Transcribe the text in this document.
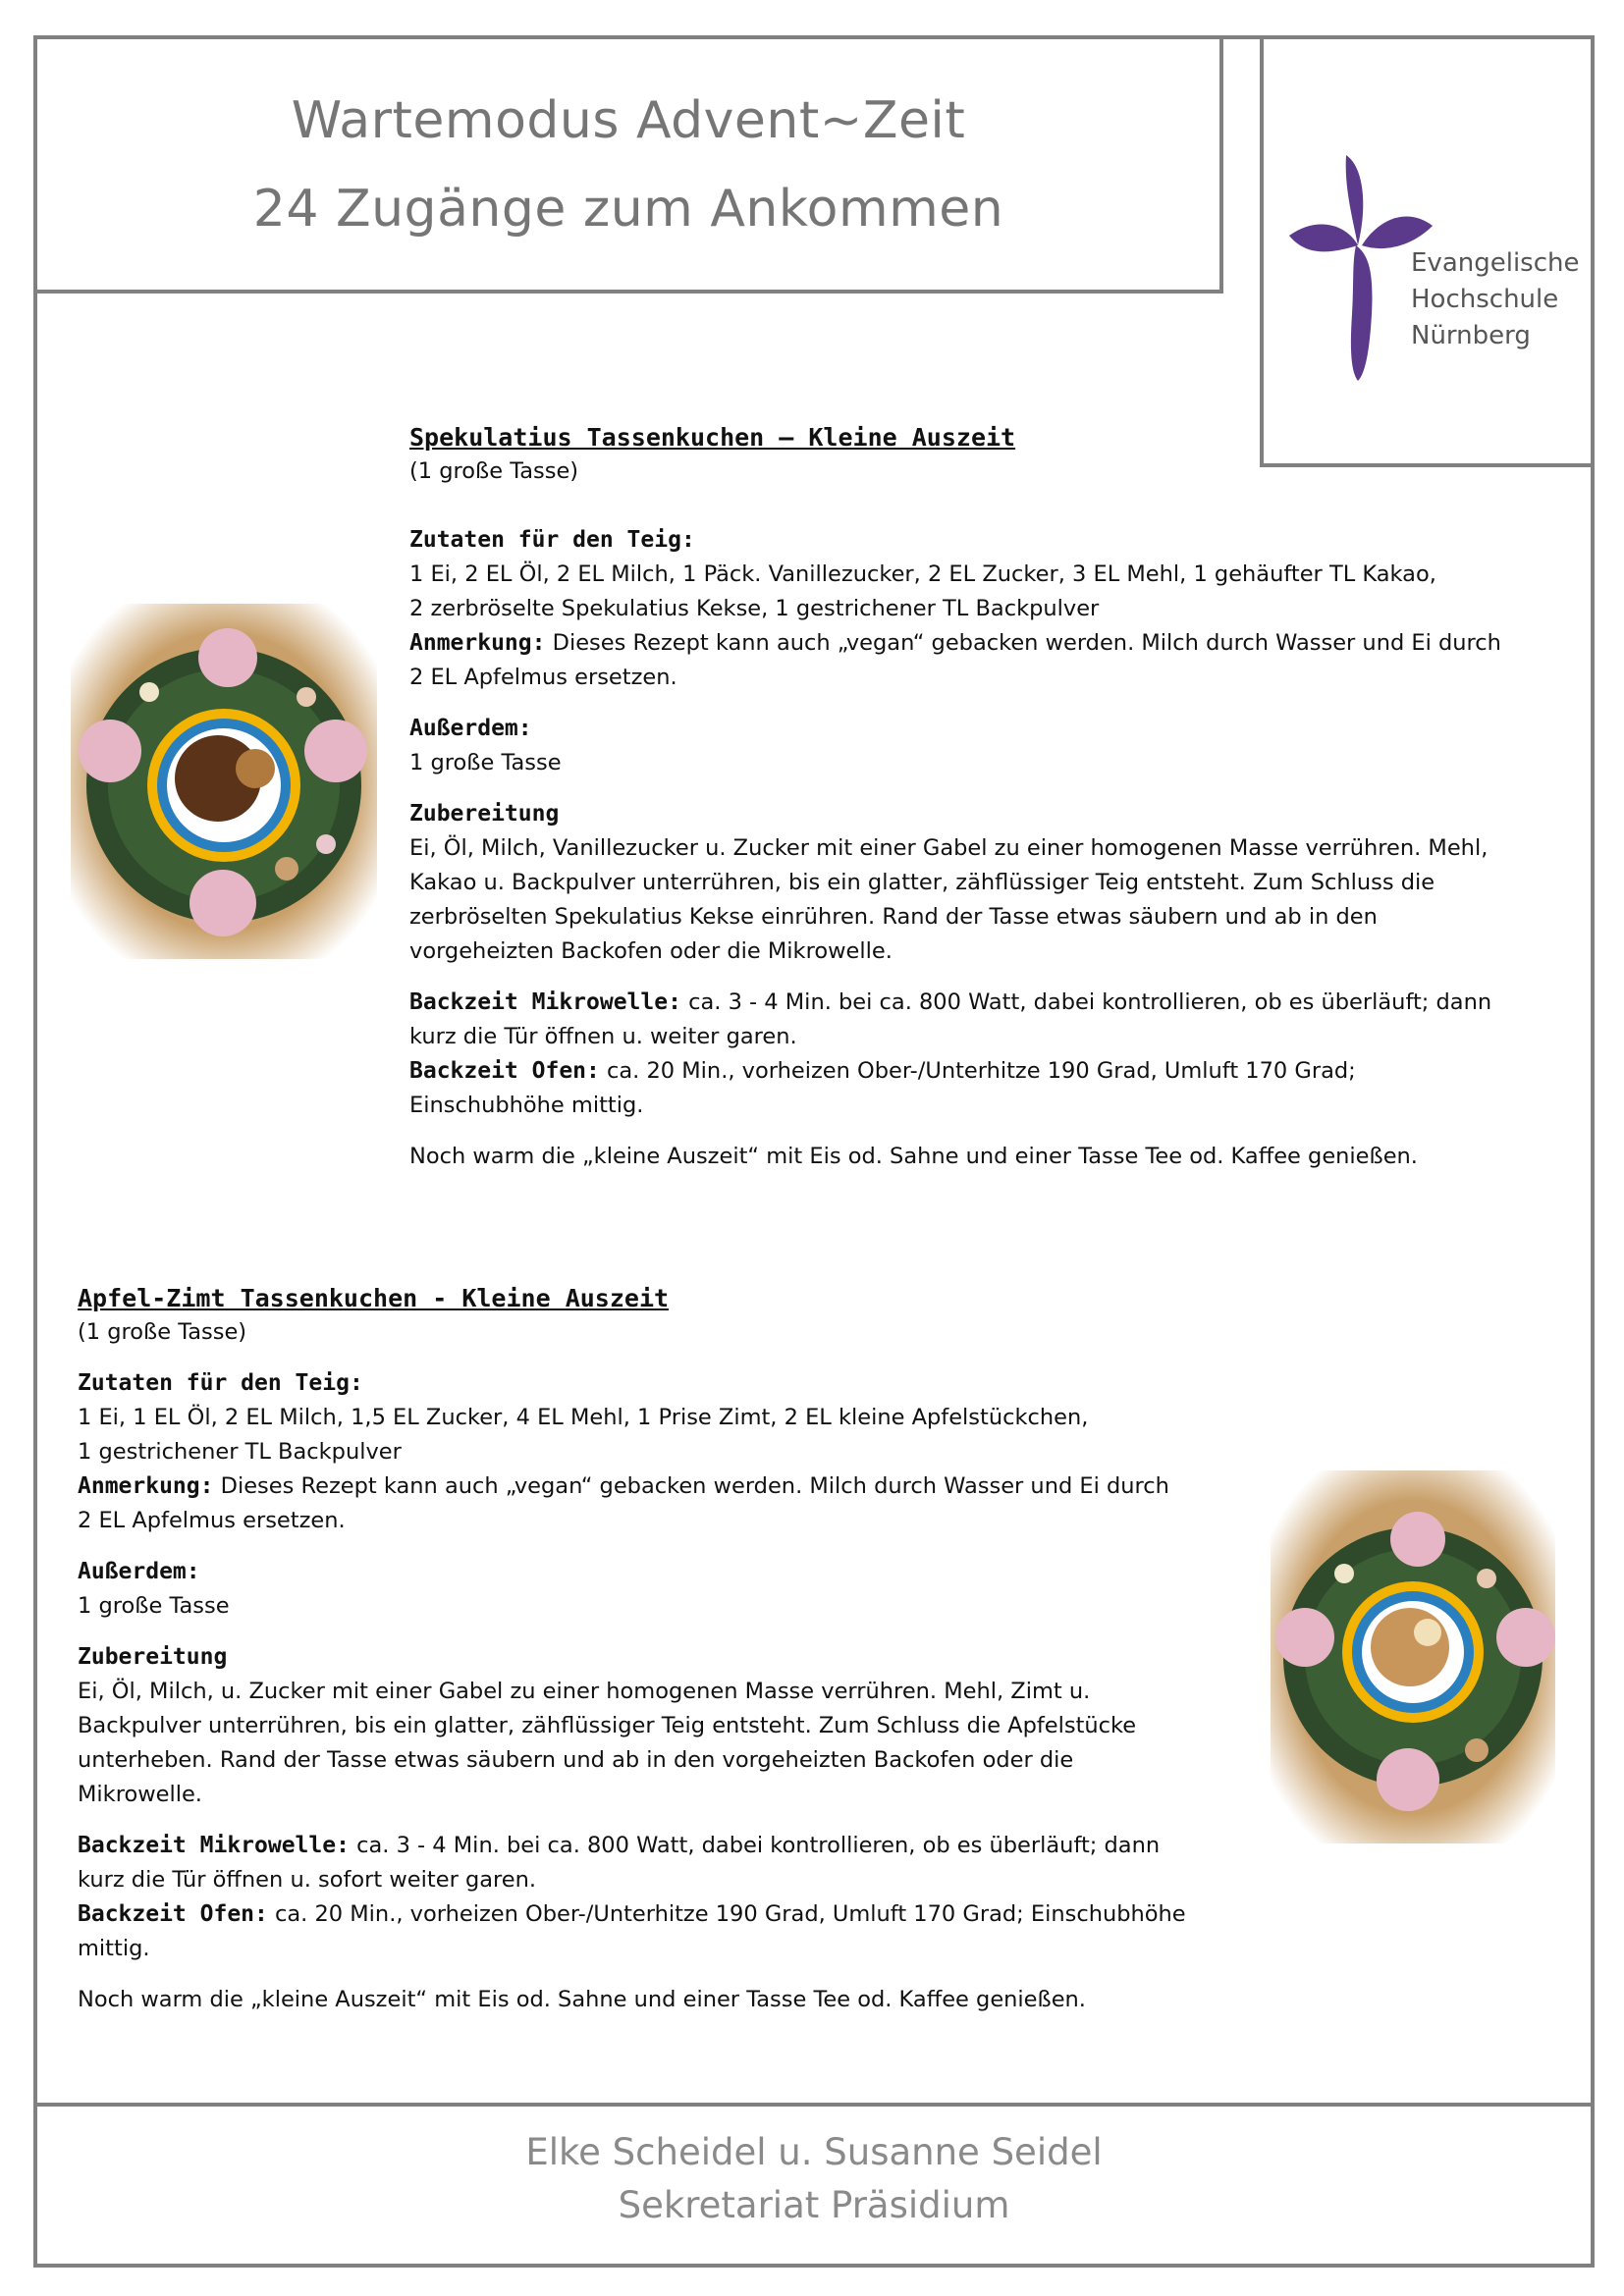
Wartemodus Advent~Zeit
24 Zugänge zum Ankommen
Evangelische
Hochschule
Nürnberg

Spekulatius Tassenkuchen – Kleine Auszeit

(1 große Tasse)

Zutaten für den Teig:

1 Ei, 2 EL Öl, 2 EL Milch, 1 Päck. Vanillezucker, 2 EL Zucker, 3 EL Mehl, 1 gehäufter TL Kakao,

2 zerbröselte Spekulatius Kekse, 1 gestrichener TL Backpulver

Anmerkung: Dieses Rezept kann auch „vegan“ gebacken werden. Milch durch Wasser und Ei durch

2 EL Apfelmus ersetzen.

Außerdem:

1 große Tasse

Zubereitung

Ei, Öl, Milch, Vanillezucker u. Zucker mit einer Gabel zu einer homogenen Masse verrühren. Mehl,

Kakao u. Backpulver unterrühren, bis ein glatter, zähflüssiger Teig entsteht. Zum Schluss die

zerbröselten Spekulatius Kekse einrühren. Rand der Tasse etwas säubern und ab in den

vorgeheizten Backofen oder die Mikrowelle.

Backzeit Mikrowelle: ca. 3 - 4 Min. bei ca. 800 Watt, dabei kontrollieren, ob es überläuft; dann

kurz die Tür öffnen u. weiter garen.

Backzeit Ofen: ca. 20 Min., vorheizen Ober-/Unterhitze 190 Grad, Umluft 170 Grad;

Einschubhöhe mittig.

Noch warm die „kleine Auszeit“ mit Eis od. Sahne und einer Tasse Tee od. Kaffee genießen.

Apfel-Zimt Tassenkuchen - Kleine Auszeit

(1 große Tasse)

Zutaten für den Teig:

1 Ei, 1 EL Öl, 2 EL Milch, 1,5 EL Zucker, 4 EL Mehl, 1 Prise Zimt, 2 EL kleine Apfelstückchen,

1 gestrichener TL Backpulver

Anmerkung: Dieses Rezept kann auch „vegan“ gebacken werden. Milch durch Wasser und Ei durch

2 EL Apfelmus ersetzen.

Außerdem:

1 große Tasse

Zubereitung

Ei, Öl, Milch, u. Zucker mit einer Gabel zu einer homogenen Masse verrühren. Mehl, Zimt u.

Backpulver unterrühren, bis ein glatter, zähflüssiger Teig entsteht. Zum Schluss die Apfelstücke

unterheben. Rand der Tasse etwas säubern und ab in den vorgeheizten Backofen oder die

Mikrowelle.

Backzeit Mikrowelle: ca. 3 - 4 Min. bei ca. 800 Watt, dabei kontrollieren, ob es überläuft; dann

kurz die Tür öffnen u. sofort weiter garen.

Backzeit Ofen: ca. 20 Min., vorheizen Ober-/Unterhitze 190 Grad, Umluft 170 Grad; Einschubhöhe

mittig.

Noch warm die „kleine Auszeit“ mit Eis od. Sahne und einer Tasse Tee od. Kaffee genießen.

Elke Scheidel u. Susanne Seidel
Sekretariat Präsidium
